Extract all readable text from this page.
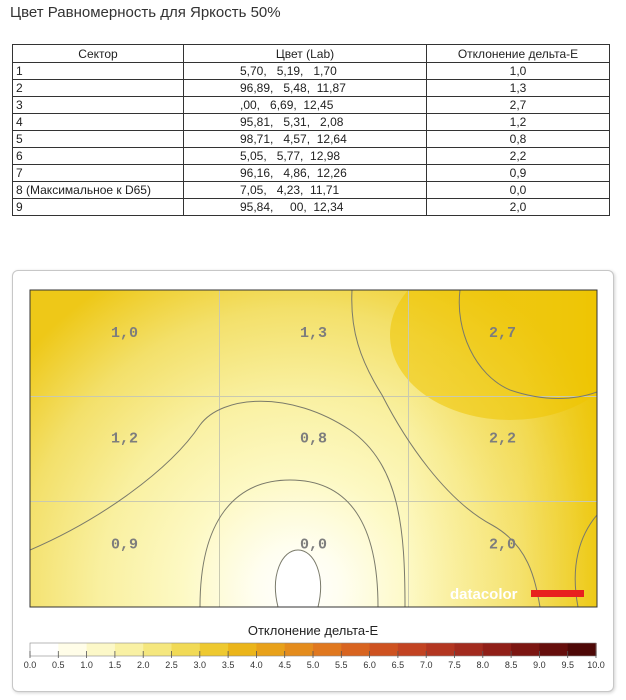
Цвет Равномерность для Яркость 50%
Сектор	Цвет (Lab)	Отклонение дельта-E
1	5,70,   5,19,   1,70	1,0
2	96,89,   5,48,  11,87	1,3
3	,00,   6,69,  12,45	2,7
4	95,81,   5,31,   2,08	1,2
5	98,71,   4,57,  12,64	0,8
6	5,05,   5,77,  12,98	2,2
7	96,16,   4,86,  12,26	0,9
8 (Максимальное к D65)	7,05,   4,23,  11,71	0,0
9	95,84,     00,  12,34	2,0
1,0	1,3	2,7
1,2	0,8	2,2
0,9	0,0	2,0
datacolor
Отклонение дельта-E
0.0 0.5 1.0 1.5 2.0 2.5 3.0 3.5 4.0 4.5 5.0 5.5 6.0 6.5 7.0 7.5 8.0 8.5 9.0 9.5 10.0
